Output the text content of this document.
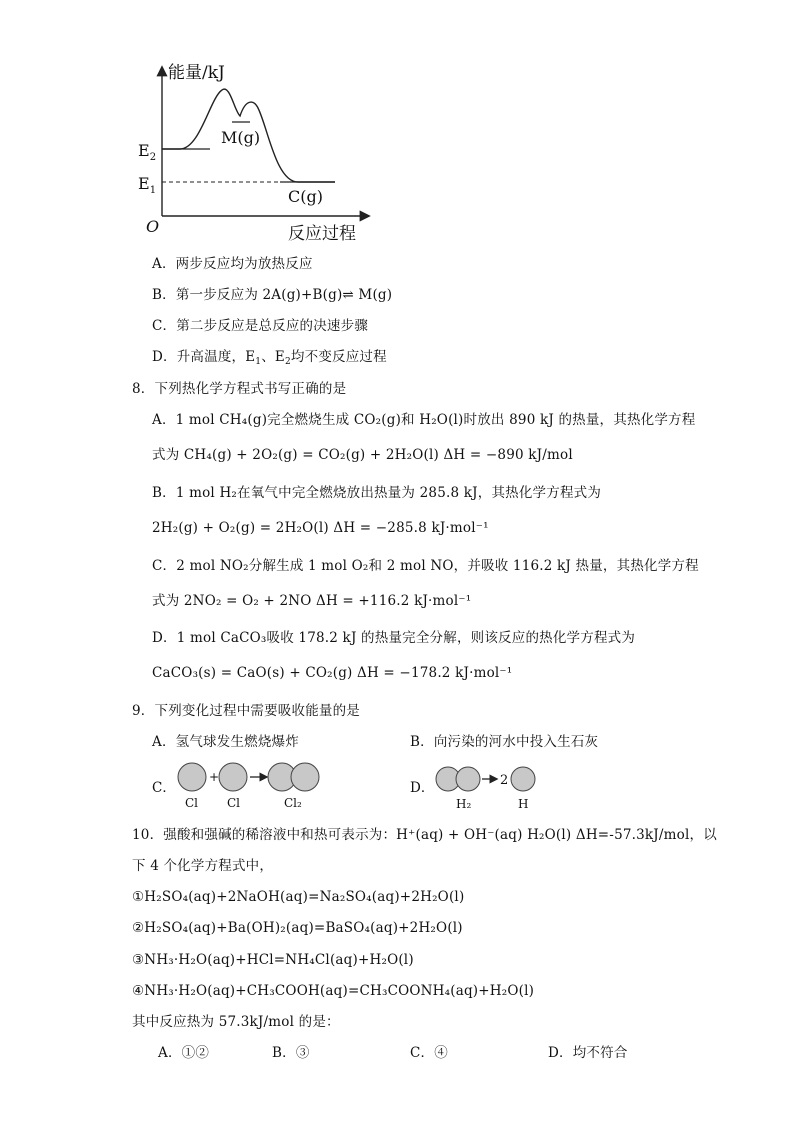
能量/kJ
$E_2$
$E_1$
M(g)
C(g)
O	反应过程
A．两步反应均为放热反应
B．第一步反应为 2A(g)+B(g)⇌ M(g)
C．第二步反应是总反应的决速步骤
D．升高温度，$E_1$、$E_2$均不变反应过程
8．下列热化学方程式书写正确的是
A．1 mol CH₄(g)完全燃烧生成 CO₂(g)和 H₂O(l)时放出 890 kJ 的热量，其热化学方程
式为 CH₄(g) + 2O₂(g) = CO₂(g) + 2H₂O(l) ΔH = −890 kJ/mol
B．1 mol H₂在氧气中完全燃烧放出热量为 285.8 kJ，其热化学方程式为
2H₂(g) + O₂(g) = 2H₂O(l) ΔH = −285.8 kJ·mol⁻¹
C．2 mol NO₂分解生成 1 mol O₂和 2 mol NO，并吸收 116.2 kJ 热量，其热化学方程
式为 2NO₂ = O₂ + 2NO ΔH = +116.2 kJ·mol⁻¹
D．1 mol CaCO₃吸收 178.2 kJ 的热量完全分解，则该反应的热化学方程式为
CaCO₃(s) = CaO(s) + CO₂(g) ΔH = −178.2 kJ·mol⁻¹
9．下列变化过程中需要吸收能量的是
A．氢气球发生燃烧爆炸	B．向污染的河水中投入生石灰
C．
+
Cl Cl	Cl₂
D．	2
H₂	H
10．强酸和强碱的稀溶液中和热可表示为：H⁺(aq) + OH⁻(aq) H₂O(l) ΔH=-57.3kJ/mol，以
下 4 个化学方程式中，
①H₂SO₄(aq)+2NaOH(aq)=Na₂SO₄(aq)+2H₂O(l)
②H₂SO₄(aq)+Ba(OH)₂(aq)=BaSO₄(aq)+2H₂O(l)
③NH₃·H₂O(aq)+HCl=NH₄Cl(aq)+H₂O(l)
④NH₃·H₂O(aq)+CH₃COOH(aq)=CH₃COONH₄(aq)+H₂O(l)
其中反应热为 57.3kJ/mol 的是：
A．①②	B．③	C．④	D．均不符合
